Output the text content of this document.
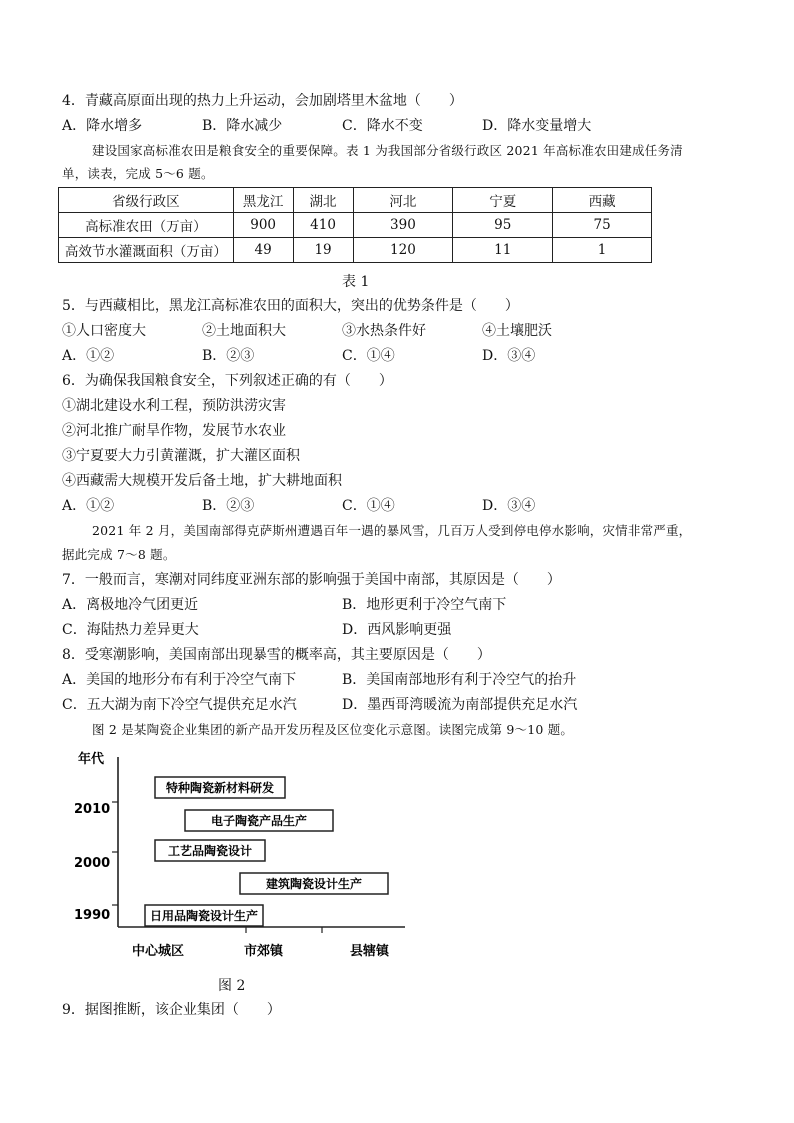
4．青藏高原面出现的热力上升运动，会加剧塔里木盆地（　　）
A．降水增多	B．降水减少	C．降水不变	D．降水变量增大
建设国家高标准农田是粮食安全的重要保障。表 1 为我国部分省级行政区 2021 年高标准农田建成任务清
单，读表，完成 5～6 题。
省级行政区	黑龙江	湖北	河北	宁夏	西藏
高标准农田（万亩）	900	410	390	95	75
高效节水灌溉面积（万亩）	49	19	120	11	1
表 1
5．与西藏相比，黑龙江高标准农田的面积大，突出的优势条件是（　　）
①人口密度大	②土地面积大	③水热条件好	④土壤肥沃
A．①②	B．②③	C．①④	D．③④
6．为确保我国粮食安全，下列叙述正确的有（　　）
①湖北建设水利工程，预防洪涝灾害
②河北推广耐旱作物，发展节水农业
③宁夏要大力引黄灌溉，扩大灌区面积
④西藏需大规模开发后备土地，扩大耕地面积
A．①②	B．②③	C．①④	D．③④
2021 年 2 月，美国南部得克萨斯州遭遇百年一遇的暴风雪，几百万人受到停电停水影响，灾情非常严重，
据此完成 7～8 题。
7．一般而言，寒潮对同纬度亚洲东部的影响强于美国中南部，其原因是（　　）
A．离极地冷气团更近	B．地形更利于冷空气南下
C．海陆热力差异更大	D．西风影响更强
8．受寒潮影响，美国南部出现暴雪的概率高，其主要原因是（　　）
A．美国的地形分布有利于冷空气南下	B．美国南部地形有利于冷空气的抬升
C．五大湖为南下冷空气提供充足水汽	D．墨西哥湾暖流为南部提供充足水汽
图 2 是某陶瓷企业集团的新产品开发历程及区位变化示意图。读图完成第 9～10 题。
年代
2010
2000
1990
中心城区	市郊镇	县辖镇
特种陶瓷新材料研发
电子陶瓷产品生产
工艺品陶瓷设计
建筑陶瓷设计生产
日用品陶瓷设计生产
图 2
9．据图推断，该企业集团（　　）
